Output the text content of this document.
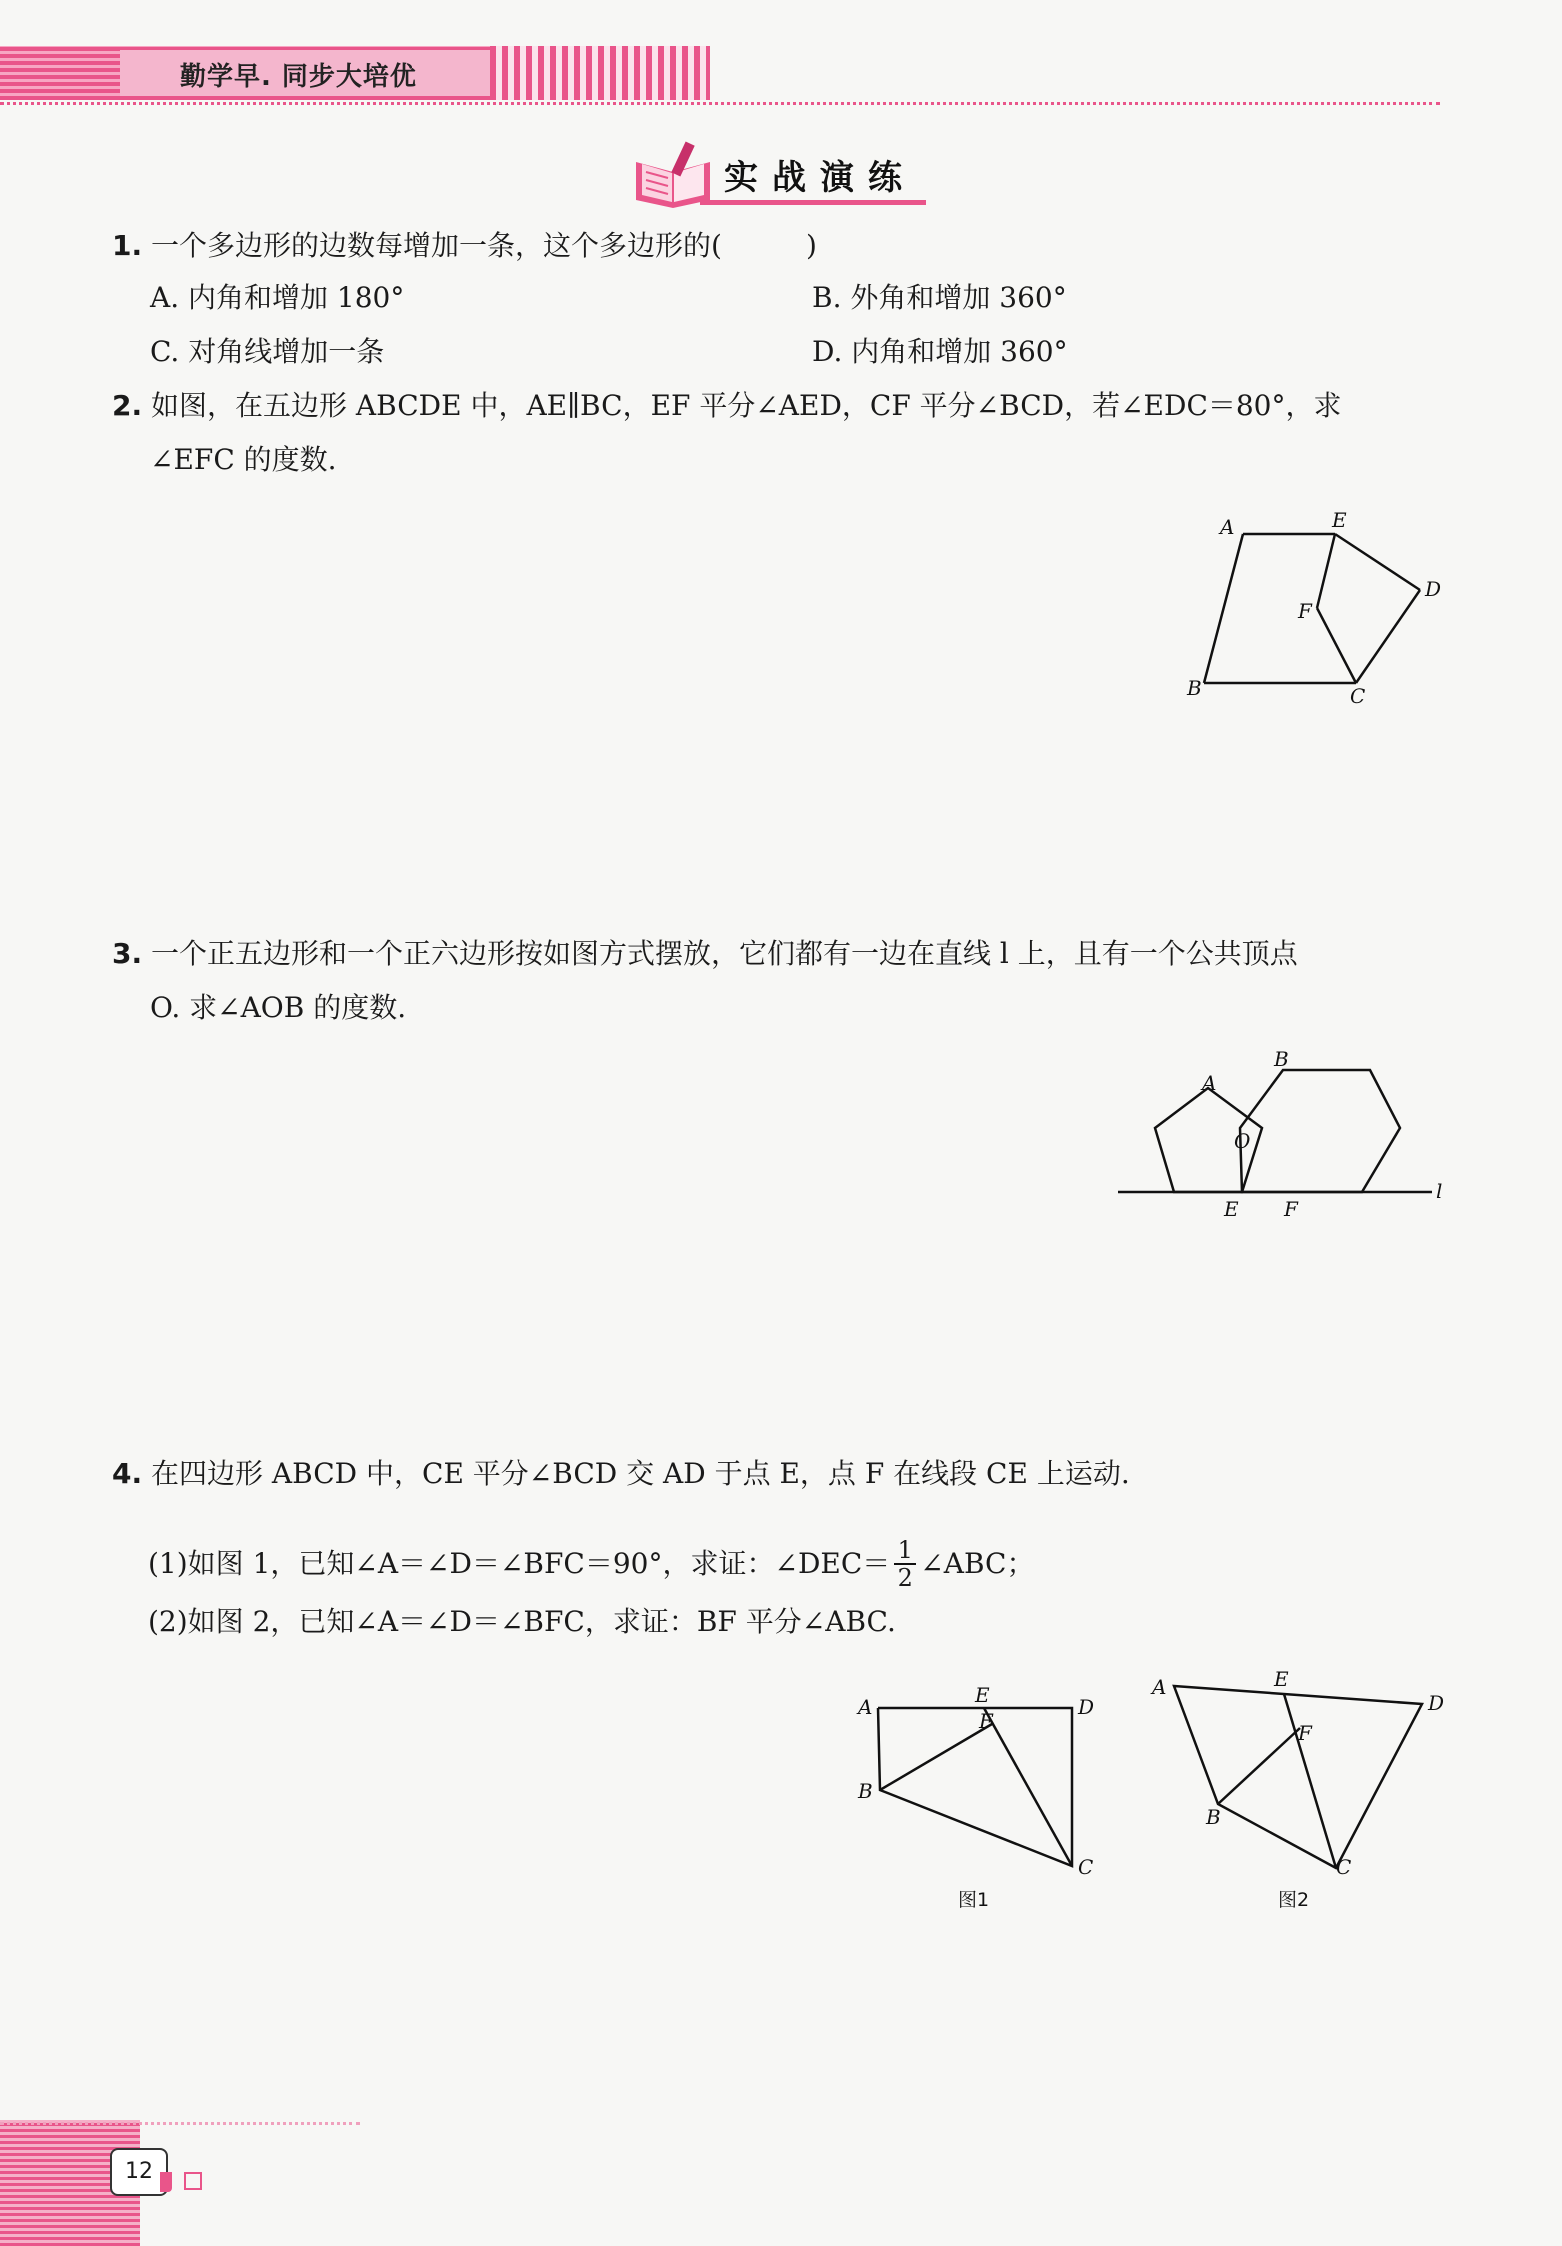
勤学早. 同步大培优
实战演练
1. 一个多边形的边数每增加一条，这个多边形的(　　　)
A. 内角和增加 180°	B. 外角和增加 360°
C. 对角线增加一条	D. 内角和增加 360°
2. 如图，在五边形 ABCDE 中，AE∥BC，EF 平分∠AED，CF 平分∠BCD，若∠EDC＝80°，求
∠EFC 的度数.
A	E
D
F
B	C
3. 一个正五边形和一个正六边形按如图方式摆放，它们都有一边在直线 l 上，且有一个公共顶点
O. 求∠AOB 的度数.
A
B
O
E F
l
4. 在四边形 ABCD 中，CE 平分∠BCD 交 AD 于点 E，点 F 在线段 CE 上运动.
(1)如图 1，已知∠A＝∠D＝∠BFC＝90°，求证：∠DEC＝ 1
2 ∠ABC；
(2)如图 2，已知∠A＝∠D＝∠BFC，求证：BF 平分∠ABC.
A	E	D
F
B
C
图1
A	E
D
F
B
C
图2
12
